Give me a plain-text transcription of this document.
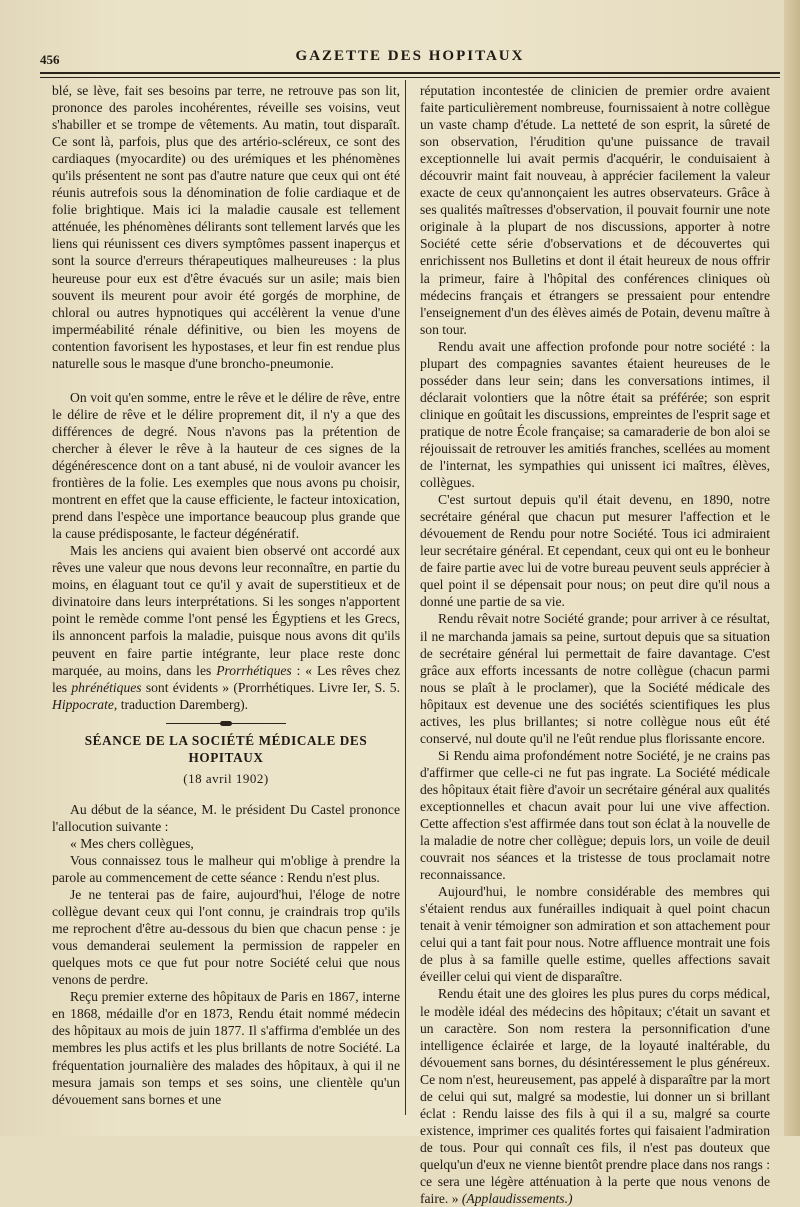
456	GAZETTE DES HOPITAUX

blé, se lève, fait ses besoins par terre, ne retrouve pas son lit, prononce des paroles incohérentes, réveille ses voisins, veut s'habiller et se trompe de vêtements. Au matin, tout disparaît. Ce sont là, parfois, plus que des artério-scléreux, ce sont des cardiaques (myocardite) ou des urémiques et les phénomènes qu'ils présentent ne sont pas d'autre nature que ceux qui ont été réunis autrefois sous la dénomination de folie cardiaque et de folie brightique. Mais ici la maladie causale est tellement atténuée, les phénomènes délirants sont tellement larvés que les liens qui réunissent ces divers symptômes passent inaperçus et sont la source d'erreurs thérapeutiques malheureuses : la plus heureuse pour eux est d'être évacués sur un asile; mais bien souvent ils meurent pour avoir été gorgés de morphine, de chloral ou autres hypnotiques qui accélèrent la venue d'une imperméabilité rénale définitive, ou bien les moyens de contention favorisent les hypostases, et leur fin est rendue plus naturelle sous le masque d'une broncho-pneumonie.

On voit qu'en somme, entre le rêve et le délire de rêve, entre le délire de rêve et le délire proprement dit, il n'y a que des différences de degré. Nous n'avons pas la prétention de chercher à élever le rêve à la hauteur de ces signes de la dégénérescence dont on a tant abusé, ni de vouloir avancer les frontières de la folie. Les exemples que nous avons pu choisir, montrent en effet que la cause efficiente, le facteur intoxication, prend dans l'espèce une importance beaucoup plus grande que la cause prédisposante, le facteur dégénératif.

Mais les anciens qui avaient bien observé ont accordé aux rêves une valeur que nous devons leur reconnaître, en partie du moins, en élaguant tout ce qu'il y avait de superstitieux et de divinatoire dans leurs interprétations. Si les songes n'apportent point le remède comme l'ont pensé les Égyptiens et les Grecs, ils annoncent parfois la maladie, puisque nous avons dit qu'ils peuvent en faire partie intégrante, leur place reste donc marquée, au moins, dans les Prorrhétiques : « Les rêves chez les phrénétiques sont évidents » (Prorrhétiques. Livre Ier, S. 5. Hippocrate, traduction Daremberg).

SÉANCE DE LA SOCIÉTÉ MÉDICALE DES HOPITAUX
(18 avril 1902)

Au début de la séance, M. le président Du Castel prononce l'allocution suivante :

« Mes chers collègues,

Vous connaissez tous le malheur qui m'oblige à prendre la parole au commencement de cette séance : Rendu n'est plus.

Je ne tenterai pas de faire, aujourd'hui, l'éloge de notre collègue devant ceux qui l'ont connu, je craindrais trop qu'ils me reprochent d'être au-dessous du bien que chacun pense : je vous demanderai seulement la permission de rappeler en quelques mots ce que fut pour notre Société celui que nous venons de perdre.

Reçu premier externe des hôpitaux de Paris en 1867, interne en 1868, médaille d'or en 1873, Rendu était nommé médecin des hôpitaux au mois de juin 1877. Il s'affirma d'emblée un des membres les plus actifs et les plus brillants de notre Société. La fréquentation journalière des malades des hôpitaux, à qui il ne mesura jamais son temps et ses soins, une clientèle qu'un dévouement sans bornes et une

réputation incontestée de clinicien de premier ordre avaient faite particulièrement nombreuse, fournissaient à notre collègue un vaste champ d'étude. La netteté de son esprit, la sûreté de son observation, l'érudition qu'une puissance de travail exceptionnelle lui avait permis d'acquérir, le conduisaient à découvrir maint fait nouveau, à apprécier facilement la valeur exacte de ceux qu'annonçaient les autres observateurs. Grâce à ses qualités maîtresses d'observation, il pouvait fournir une note originale à la plupart de nos discussions, apporter à notre Société cette série d'observations et de découvertes qui enrichissent nos Bulletins et dont il était heureux de nous offrir la primeur, faire à l'hôpital des conférences cliniques où médecins français et étrangers se pressaient pour entendre l'enseignement d'un des élèves aimés de Potain, devenu maître à son tour.

Rendu avait une affection profonde pour notre société : la plupart des compagnies savantes étaient heureuses de le posséder dans leur sein; dans les conversations intimes, il déclarait volontiers que la nôtre était sa préférée; son esprit clinique en goûtait les discussions, empreintes de l'esprit sage et pratique de notre École française; sa camaraderie de bon aloi se réjouissait de retrouver les amitiés franches, scellées au moment de l'internat, les sympathies qui unissent ici maîtres, élèves, collègues.

C'est surtout depuis qu'il était devenu, en 1890, notre secrétaire général que chacun put mesurer l'affection et le dévouement de Rendu pour notre Société. Tous ici admiraient leur secrétaire général. Et cependant, ceux qui ont eu le bonheur de faire partie avec lui de votre bureau peuvent seuls apprécier à quel point il se dépensait pour nous; on peut dire qu'il nous a donné une partie de sa vie.

Rendu rêvait notre Société grande; pour arriver à ce résultat, il ne marchanda jamais sa peine, surtout depuis que sa situation de secrétaire général lui permettait de faire davantage. C'est grâce aux efforts incessants de notre collègue (chacun parmi nous se plaît à le proclamer), que la Société médicale des hôpitaux est devenue une des sociétés scientifiques les plus actives, les plus brillantes; si notre collègue nous eût été conservé, nul doute qu'il ne l'eût rendue plus florissante encore.

Si Rendu aima profondément notre Société, je ne crains pas d'affirmer que celle-ci ne fut pas ingrate. La Société médicale des hôpitaux était fière d'avoir un secrétaire général aux qualités exceptionnelles et chacun avait pour lui une vive affection. Cette affection s'est affirmée dans tout son éclat à la nouvelle de la maladie de notre cher collègue; depuis lors, un voile de deuil couvrait nos séances et la tristesse de tous proclamait notre reconnaissance.

Aujourd'hui, le nombre considérable des membres qui s'étaient rendus aux funérailles indiquait à quel point chacun tenait à venir témoigner son admiration et son attachement pour celui qui a tant fait pour nous. Notre affluence montrait une fois de plus à sa famille quelle estime, quelles affections savait éveiller celui qui vient de disparaître.

Rendu était une des gloires les plus pures du corps médical, le modèle idéal des médecins des hôpitaux; c'était un savant et un caractère. Son nom restera la personnification d'une intelligence éclairée et large, de la loyauté inaltérable, du dévouement sans bornes, du désintéressement le plus généreux. Ce nom n'est, heureusement, pas appelé à disparaître par la mort de celui qui sut, malgré sa modestie, lui donner un si brillant éclat : Rendu laisse des fils à qui il a su, malgré sa courte existence, imprimer ces qualités fortes qui faisaient l'admiration de tous. Pour qui connaît ces fils, il n'est pas douteux que quelqu'un d'eux ne vienne bientôt prendre place dans nos rangs : ce sera une légère atténuation à la perte que nous venons de faire. » (Applaudissements.)
